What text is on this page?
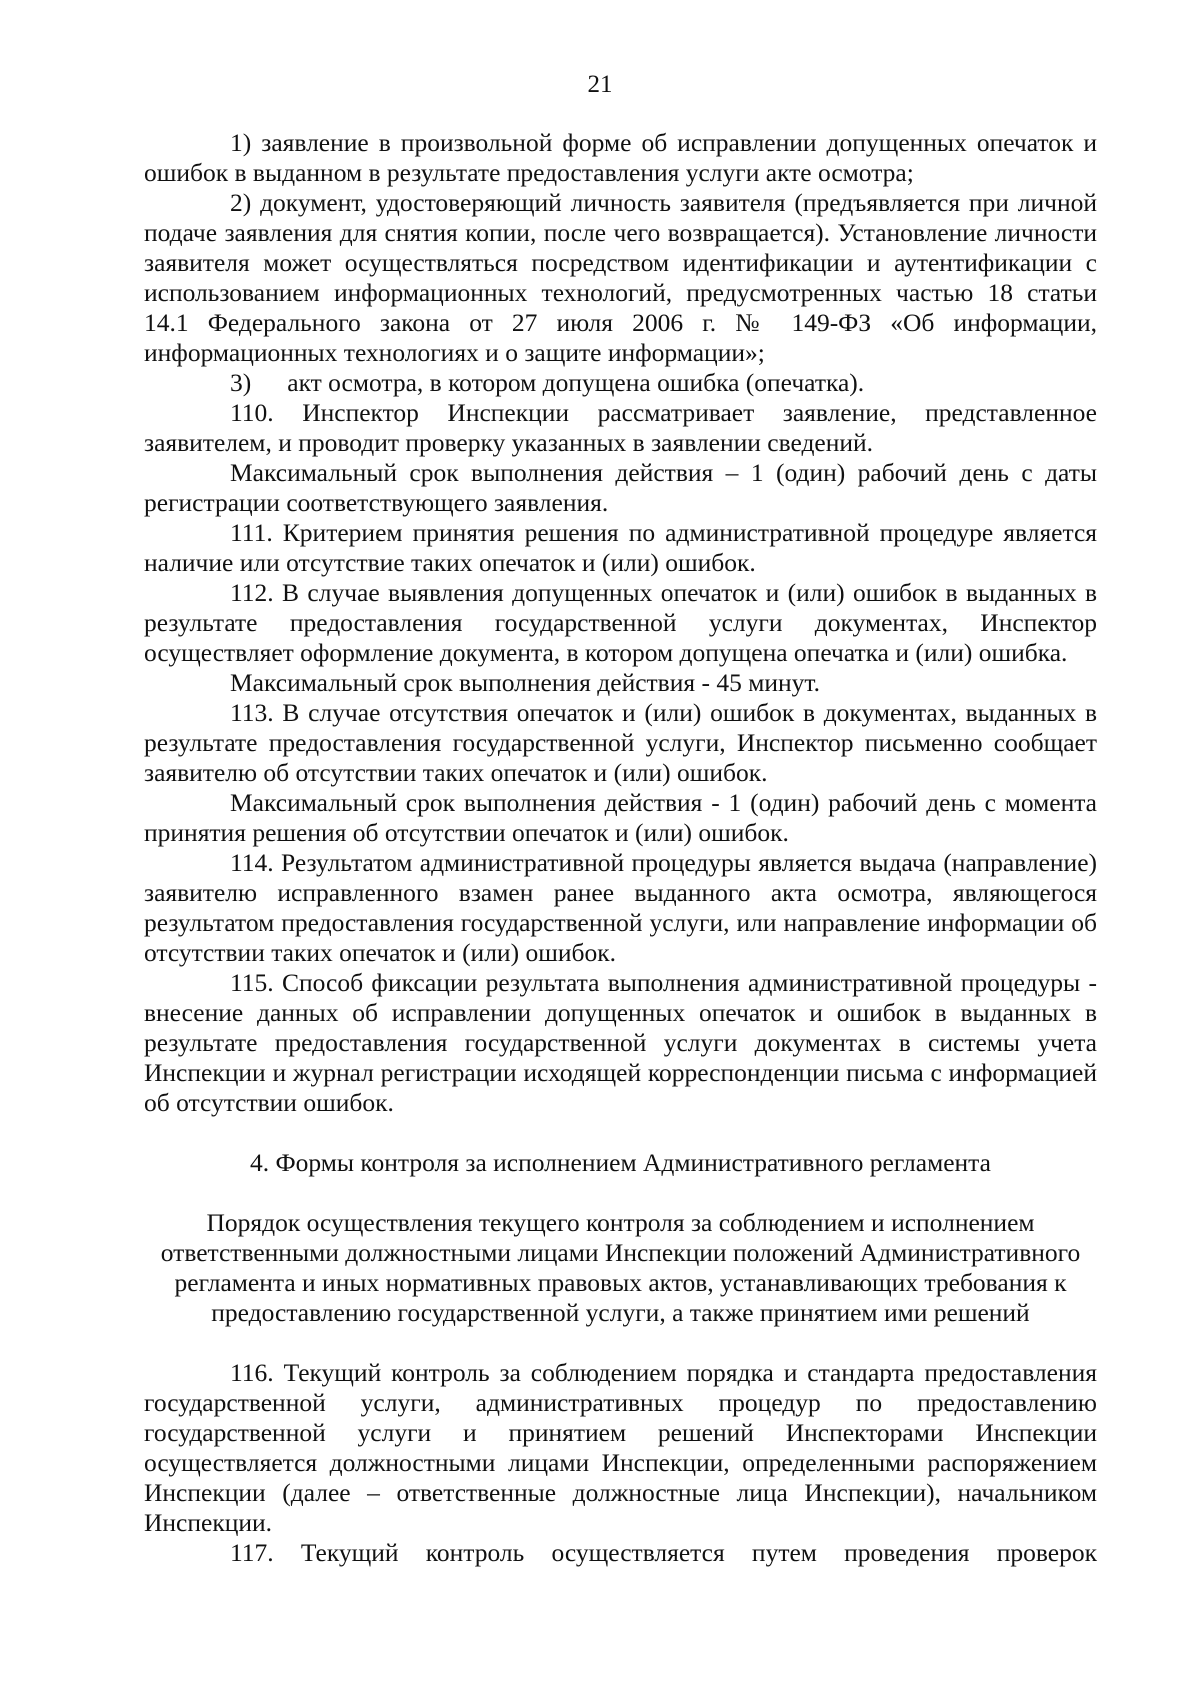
21

1) заявление в произвольной форме об исправлении допущенных опечаток и ошибок в выданном в результате предоставления услуги акте осмотра;

2) документ, удостоверяющий личность заявителя (предъявляется при личной подаче заявления для снятия копии, после чего возвращается). Установление личности заявителя может осуществляться посредством идентификации и аутентификации с использованием информационных технологий, предусмотренных частью 18 статьи 14.1 Федерального закона от 27 июля 2006 г. № 149-ФЗ «Об информации, информационных технологиях и о защите информации»;

3) акт осмотра, в котором допущена ошибка (опечатка).

110. Инспектор Инспекции рассматривает заявление, представленное заявителем, и проводит проверку указанных в заявлении сведений.

Максимальный срок выполнения действия – 1 (один) рабочий день с даты регистрации соответствующего заявления.

111. Критерием принятия решения по административной процедуре является наличие или отсутствие таких опечаток и (или) ошибок.

112. В случае выявления допущенных опечаток и (или) ошибок в выданных в результате предоставления государственной услуги документах, Инспектор осуществляет оформление документа, в котором допущена опечатка и (или) ошибка.

Максимальный срок выполнения действия - 45 минут.

113. В случае отсутствия опечаток и (или) ошибок в документах, выданных в результате предоставления государственной услуги, Инспектор письменно сообщает заявителю об отсутствии таких опечаток и (или) ошибок.

Максимальный срок выполнения действия - 1 (один) рабочий день с момента принятия решения об отсутствии опечаток и (или) ошибок.

114. Результатом административной процедуры является выдача (направление) заявителю исправленного взамен ранее выданного акта осмотра, являющегося результатом предоставления государственной услуги, или направление информации об отсутствии таких опечаток и (или) ошибок.

115. Способ фиксации результата выполнения административной процедуры - внесение данных об исправлении допущенных опечаток и ошибок в выданных в результате предоставления государственной услуги документах в системы учета Инспекции и журнал регистрации исходящей корреспонденции письма с информацией об отсутствии ошибок.

4. Формы контроля за исполнением Административного регламента

Порядок осуществления текущего контроля за соблюдением и исполнением ответственными должностными лицами Инспекции положений Административного регламента и иных нормативных правовых актов, устанавливающих требования к предоставлению государственной услуги, а также принятием ими решений

116. Текущий контроль за соблюдением порядка и стандарта предоставления государственной услуги, административных процедур по предоставлению государственной услуги и принятием решений Инспекторами Инспекции осуществляется должностными лицами Инспекции, определенными распоряжением Инспекции (далее – ответственные должностные лица Инспекции), начальником Инспекции.

117. Текущий контроль осуществляется путем проведения проверок
